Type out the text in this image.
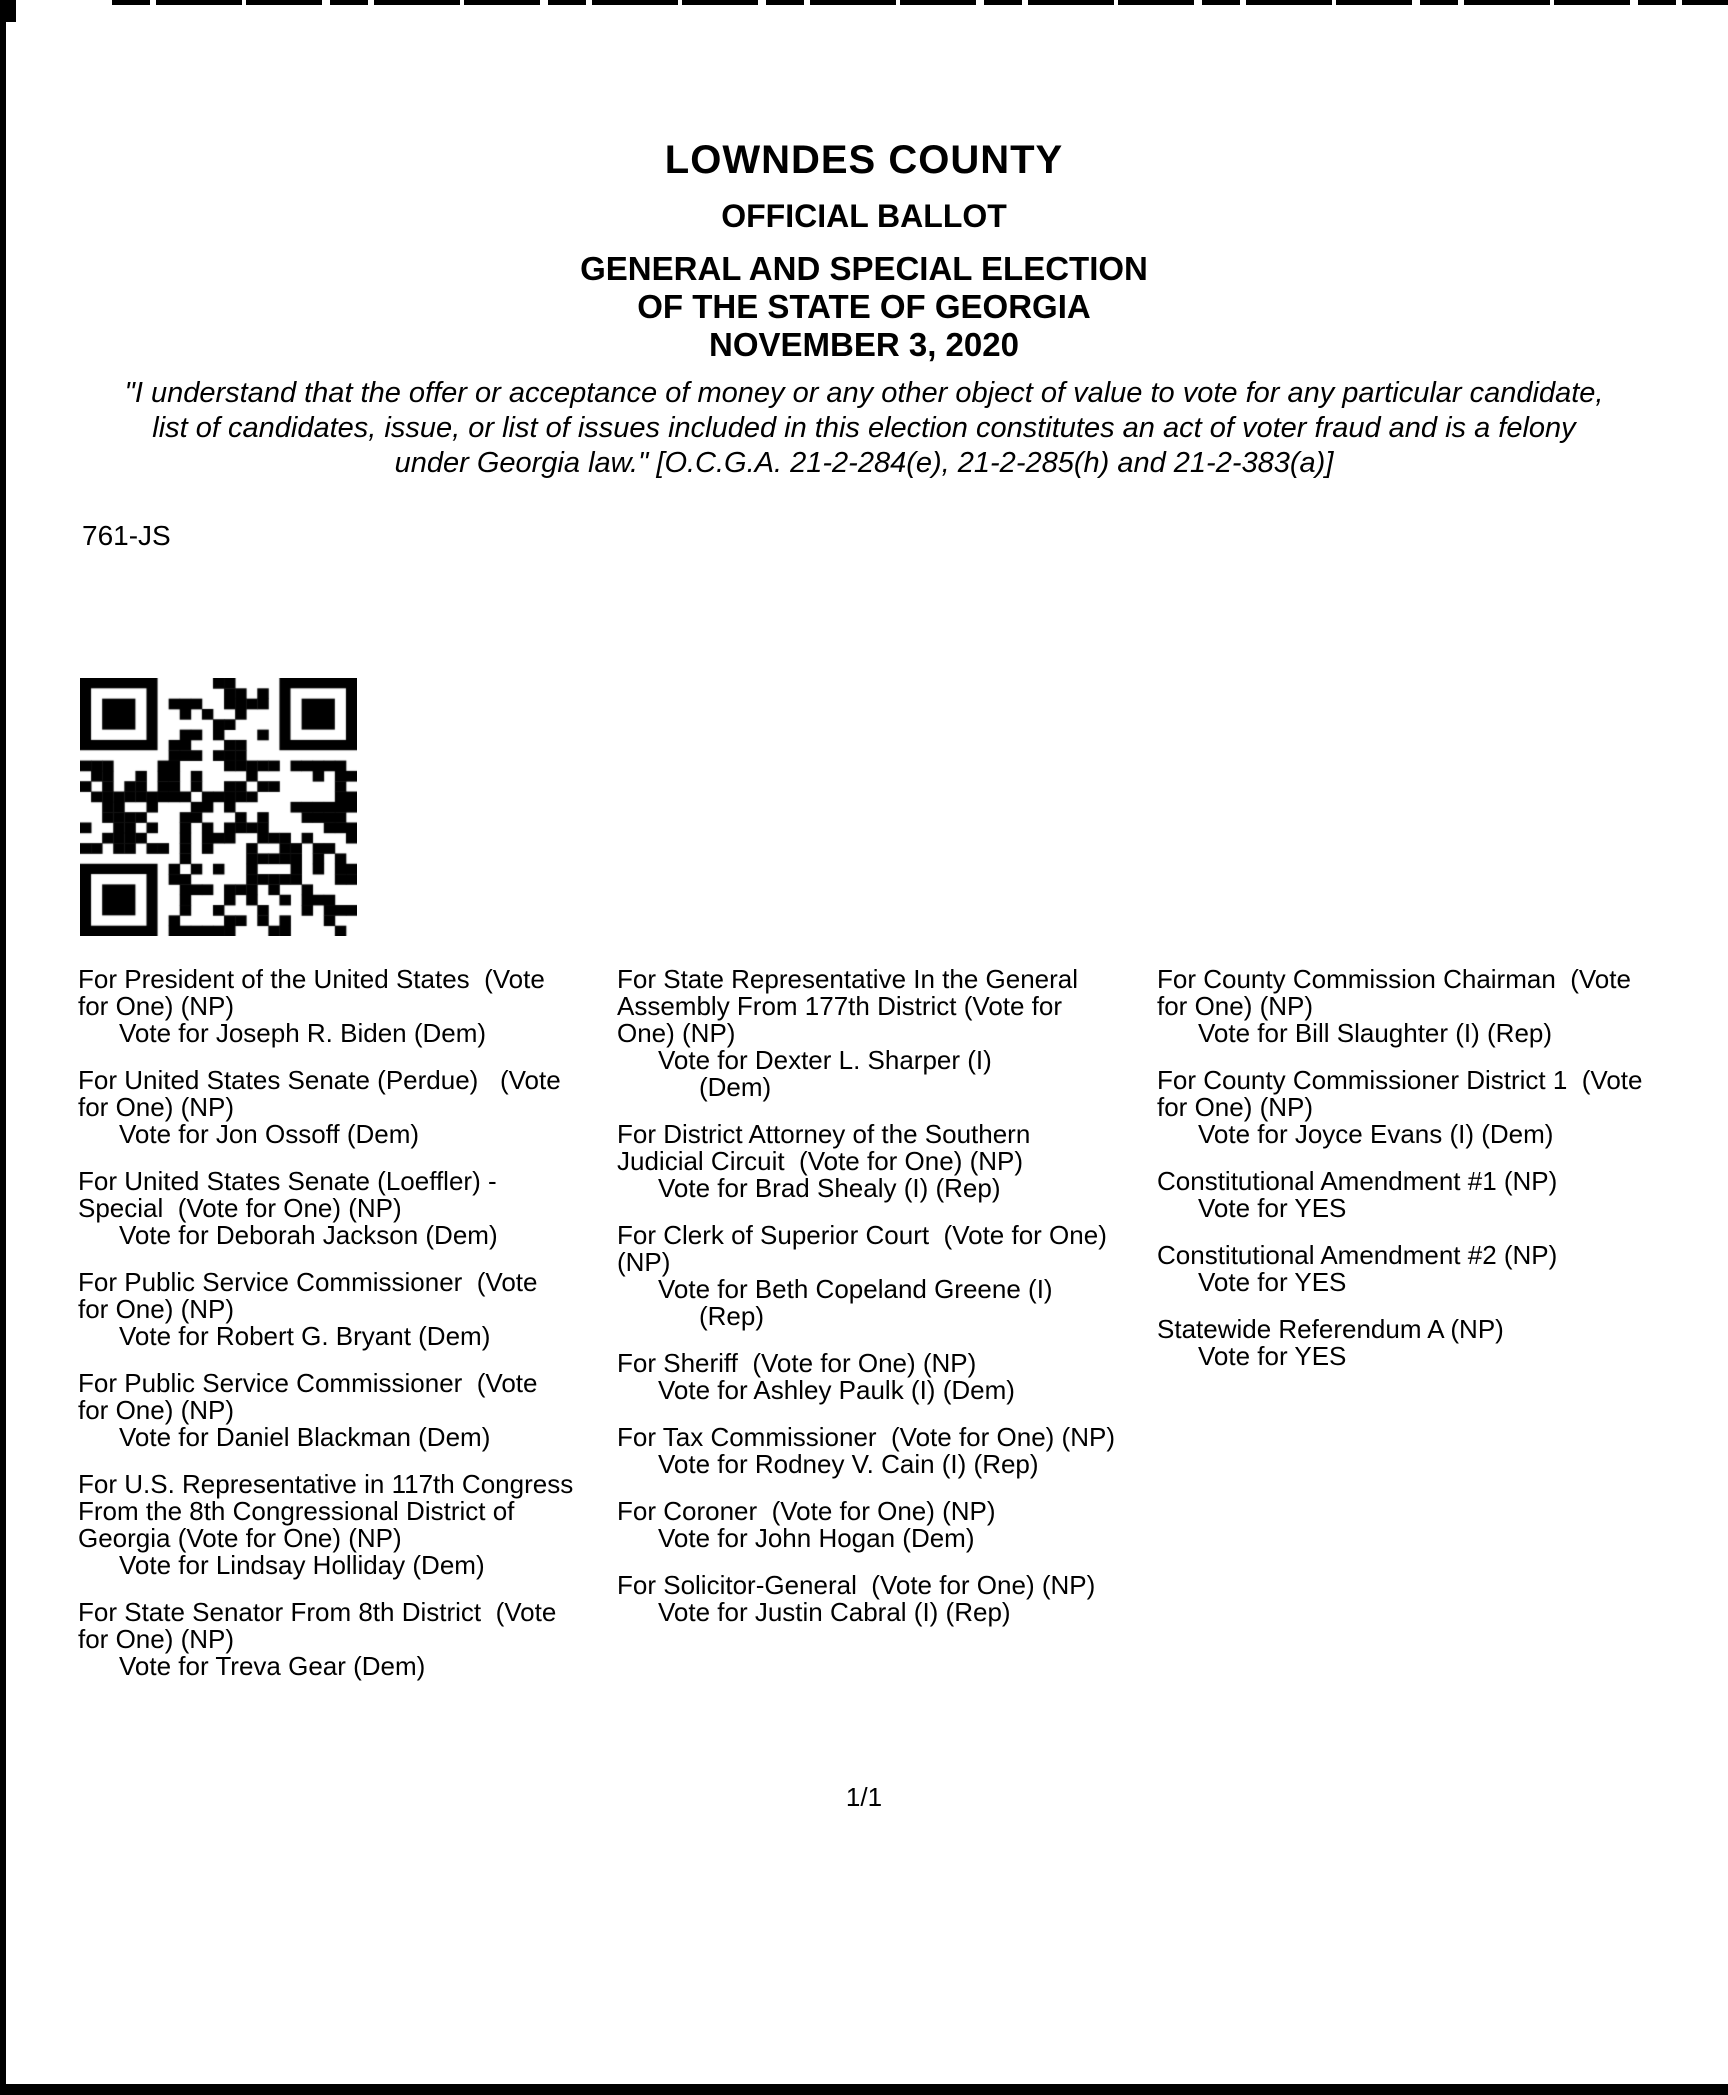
LOWNDES COUNTY
OFFICIAL BALLOT
GENERAL AND SPECIAL ELECTION
OF THE STATE OF GEORGIA
NOVEMBER 3, 2020
"I understand that the offer or acceptance of money or any other object of value to vote for any particular candidate,
list of candidates, issue, or list of issues included in this election constitutes an act of voter fraud and is a felony
under Georgia law." [O.C.G.A. 21-2-284(e), 21-2-285(h) and 21-2-383(a)]
761-JS
For President of the United States  (Vote
for One) (NP)
Vote for Joseph R. Biden (Dem)
For United States Senate (Perdue)   (Vote
for One) (NP)
Vote for Jon Ossoff (Dem)
For United States Senate (Loeffler) -
Special  (Vote for One) (NP)
Vote for Deborah Jackson (Dem)
For Public Service Commissioner  (Vote
for One) (NP)
Vote for Robert G. Bryant (Dem)
For Public Service Commissioner  (Vote
for One) (NP)
Vote for Daniel Blackman (Dem)
For U.S. Representative in 117th Congress
From the 8th Congressional District of
Georgia (Vote for One) (NP)
Vote for Lindsay Holliday (Dem)
For State Senator From 8th District  (Vote
for One) (NP)
Vote for Treva Gear (Dem)
For State Representative In the General
Assembly From 177th District (Vote for
One) (NP)
Vote for Dexter L. Sharper (I)
(Dem)
For District Attorney of the Southern
Judicial Circuit  (Vote for One) (NP)
Vote for Brad Shealy (I) (Rep)
For Clerk of Superior Court  (Vote for One)
(NP)
Vote for Beth Copeland Greene (I)
(Rep)
For Sheriff  (Vote for One) (NP)
Vote for Ashley Paulk (I) (Dem)
For Tax Commissioner  (Vote for One) (NP)
Vote for Rodney V. Cain (I) (Rep)
For Coroner  (Vote for One) (NP)
Vote for John Hogan (Dem)
For Solicitor-General  (Vote for One) (NP)
Vote for Justin Cabral (I) (Rep)
For County Commission Chairman  (Vote
for One) (NP)
Vote for Bill Slaughter (I) (Rep)
For County Commissioner District 1  (Vote
for One) (NP)
Vote for Joyce Evans (I) (Dem)
Constitutional Amendment #1 (NP)
Vote for YES
Constitutional Amendment #2 (NP)
Vote for YES
Statewide Referendum A (NP)
Vote for YES
1/1
